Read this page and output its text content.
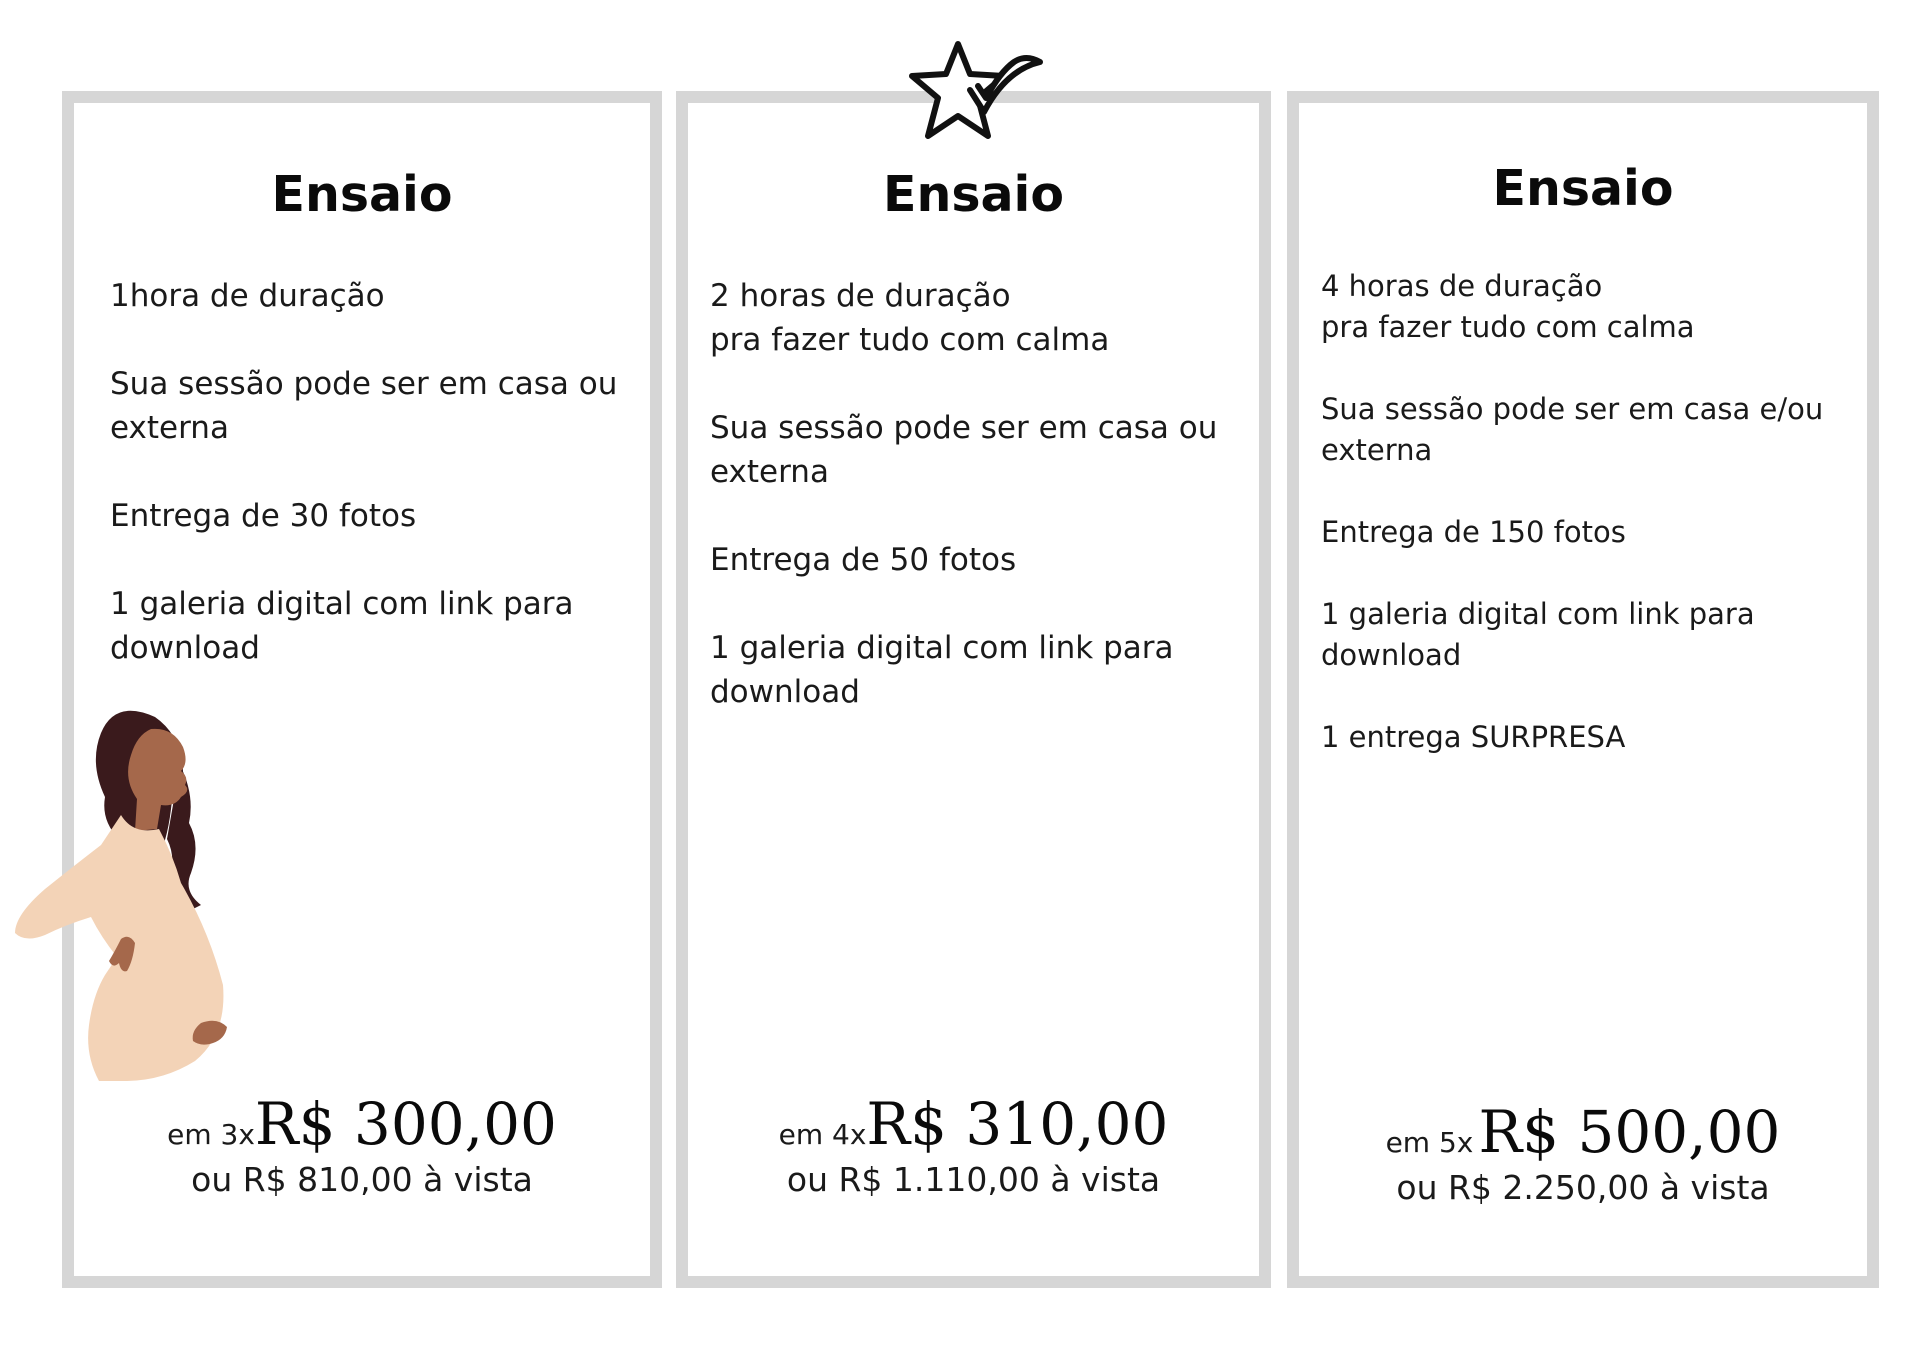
Ensaio
1hora de duração
Sua sessão pode ser em casa ou
externa
Entrega de 30 fotos
1 galeria digital com link para
download
em 3xR$ 300,00
ou R$ 810,00 à vista
Ensaio
2 horas de duração
pra fazer tudo com calma
Sua sessão pode ser em casa ou
externa
Entrega de 50 fotos
1 galeria digital com link para
download
em 4xR$ 310,00
ou R$ 1.110,00 à vista
Ensaio
4 horas de duração
pra fazer tudo com calma
Sua sessão pode ser em casa e/ou
externa
Entrega de 150 fotos
1 galeria digital com link para
download
1 entrega SURPRESA
em 5x R$ 500,00
ou R$ 2.250,00 à vista
